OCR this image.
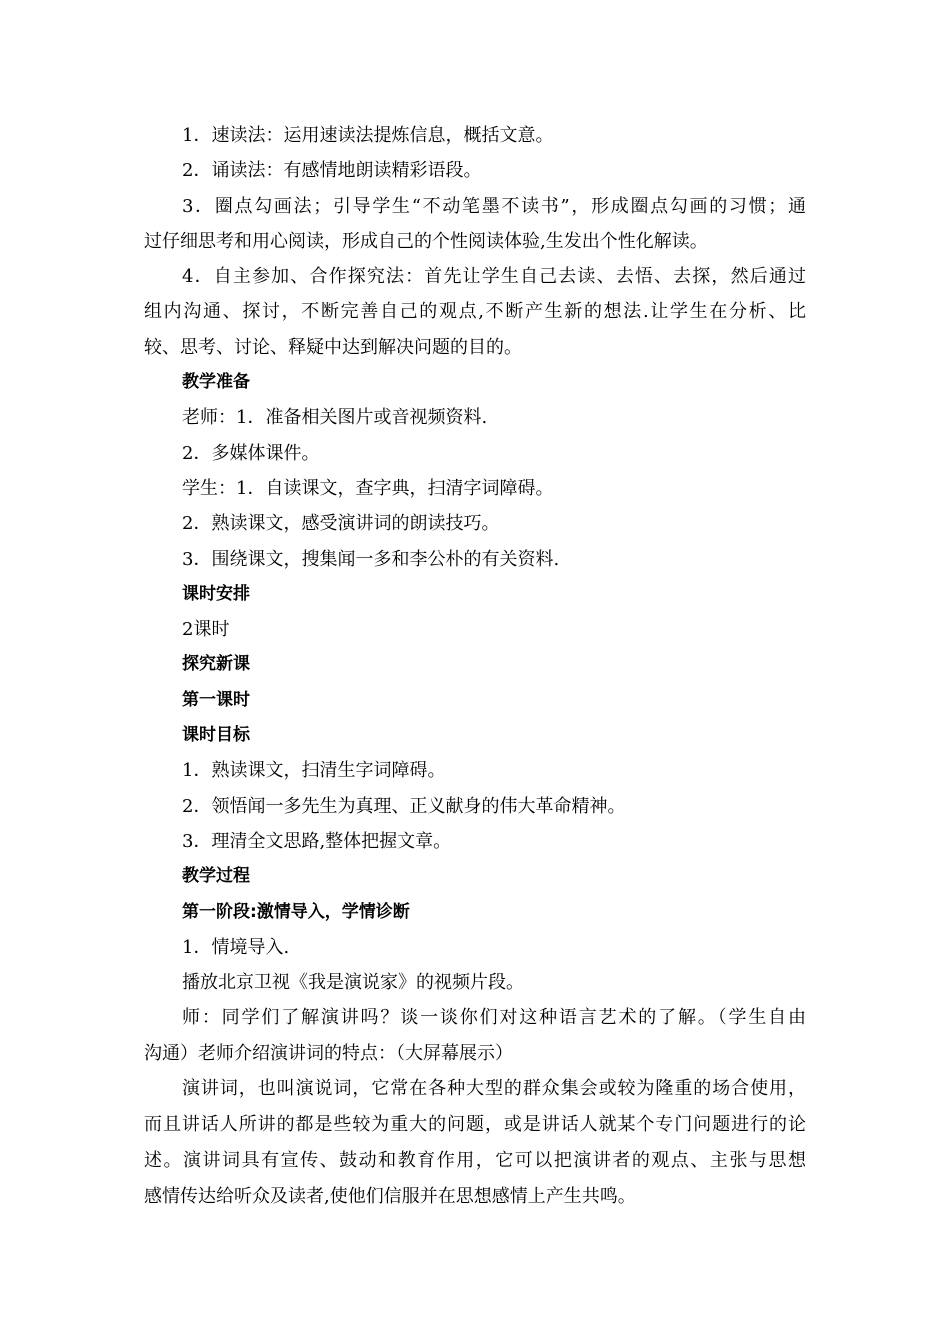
1．速读法：运用速读法提炼信息，概括文意。
2．诵读法：有感情地朗读精彩语段。
3．圈点勾画法；引导学生“不动笔墨不读书”，形成圈点勾画的习惯；通
过仔细思考和用心阅读，形成自己的个性阅读体验,生发出个性化解读。
4．自主参加、合作探究法：首先让学生自己去读、去悟、去探，然后通过
组内沟通、探讨，不断完善自己的观点,不断产生新的想法.让学生在分析、比
较、思考、讨论、释疑中达到解决问题的目的。
教学准备
老师：1．准备相关图片或音视频资料.
2．多媒体课件。
学生：1．自读课文，查字典，扫清字词障碍。
2．熟读课文，感受演讲词的朗读技巧。
3．围绕课文，搜集闻一多和李公朴的有关资料.
课时安排
2课时
探究新课
第一课时
课时目标
1．熟读课文，扫清生字词障碍。
2．领悟闻一多先生为真理、正义献身的伟大革命精神。
3．理清全文思路,整体把握文章。
教学过程
第一阶段:激情导入，学情诊断
1．情境导入.
播放北京卫视《我是演说家》的视频片段。
师：同学们了解演讲吗？谈一谈你们对这种语言艺术的了解。（学生自由
沟通）老师介绍演讲词的特点：（大屏幕展示）
演讲词，也叫演说词，它常在各种大型的群众集会或较为隆重的场合使用，
而且讲话人所讲的都是些较为重大的问题，或是讲话人就某个专门问题进行的论
述。演讲词具有宣传、鼓动和教育作用，它可以把演讲者的观点、主张与思想
感情传达给听众及读者,使他们信服并在思想感情上产生共鸣。
